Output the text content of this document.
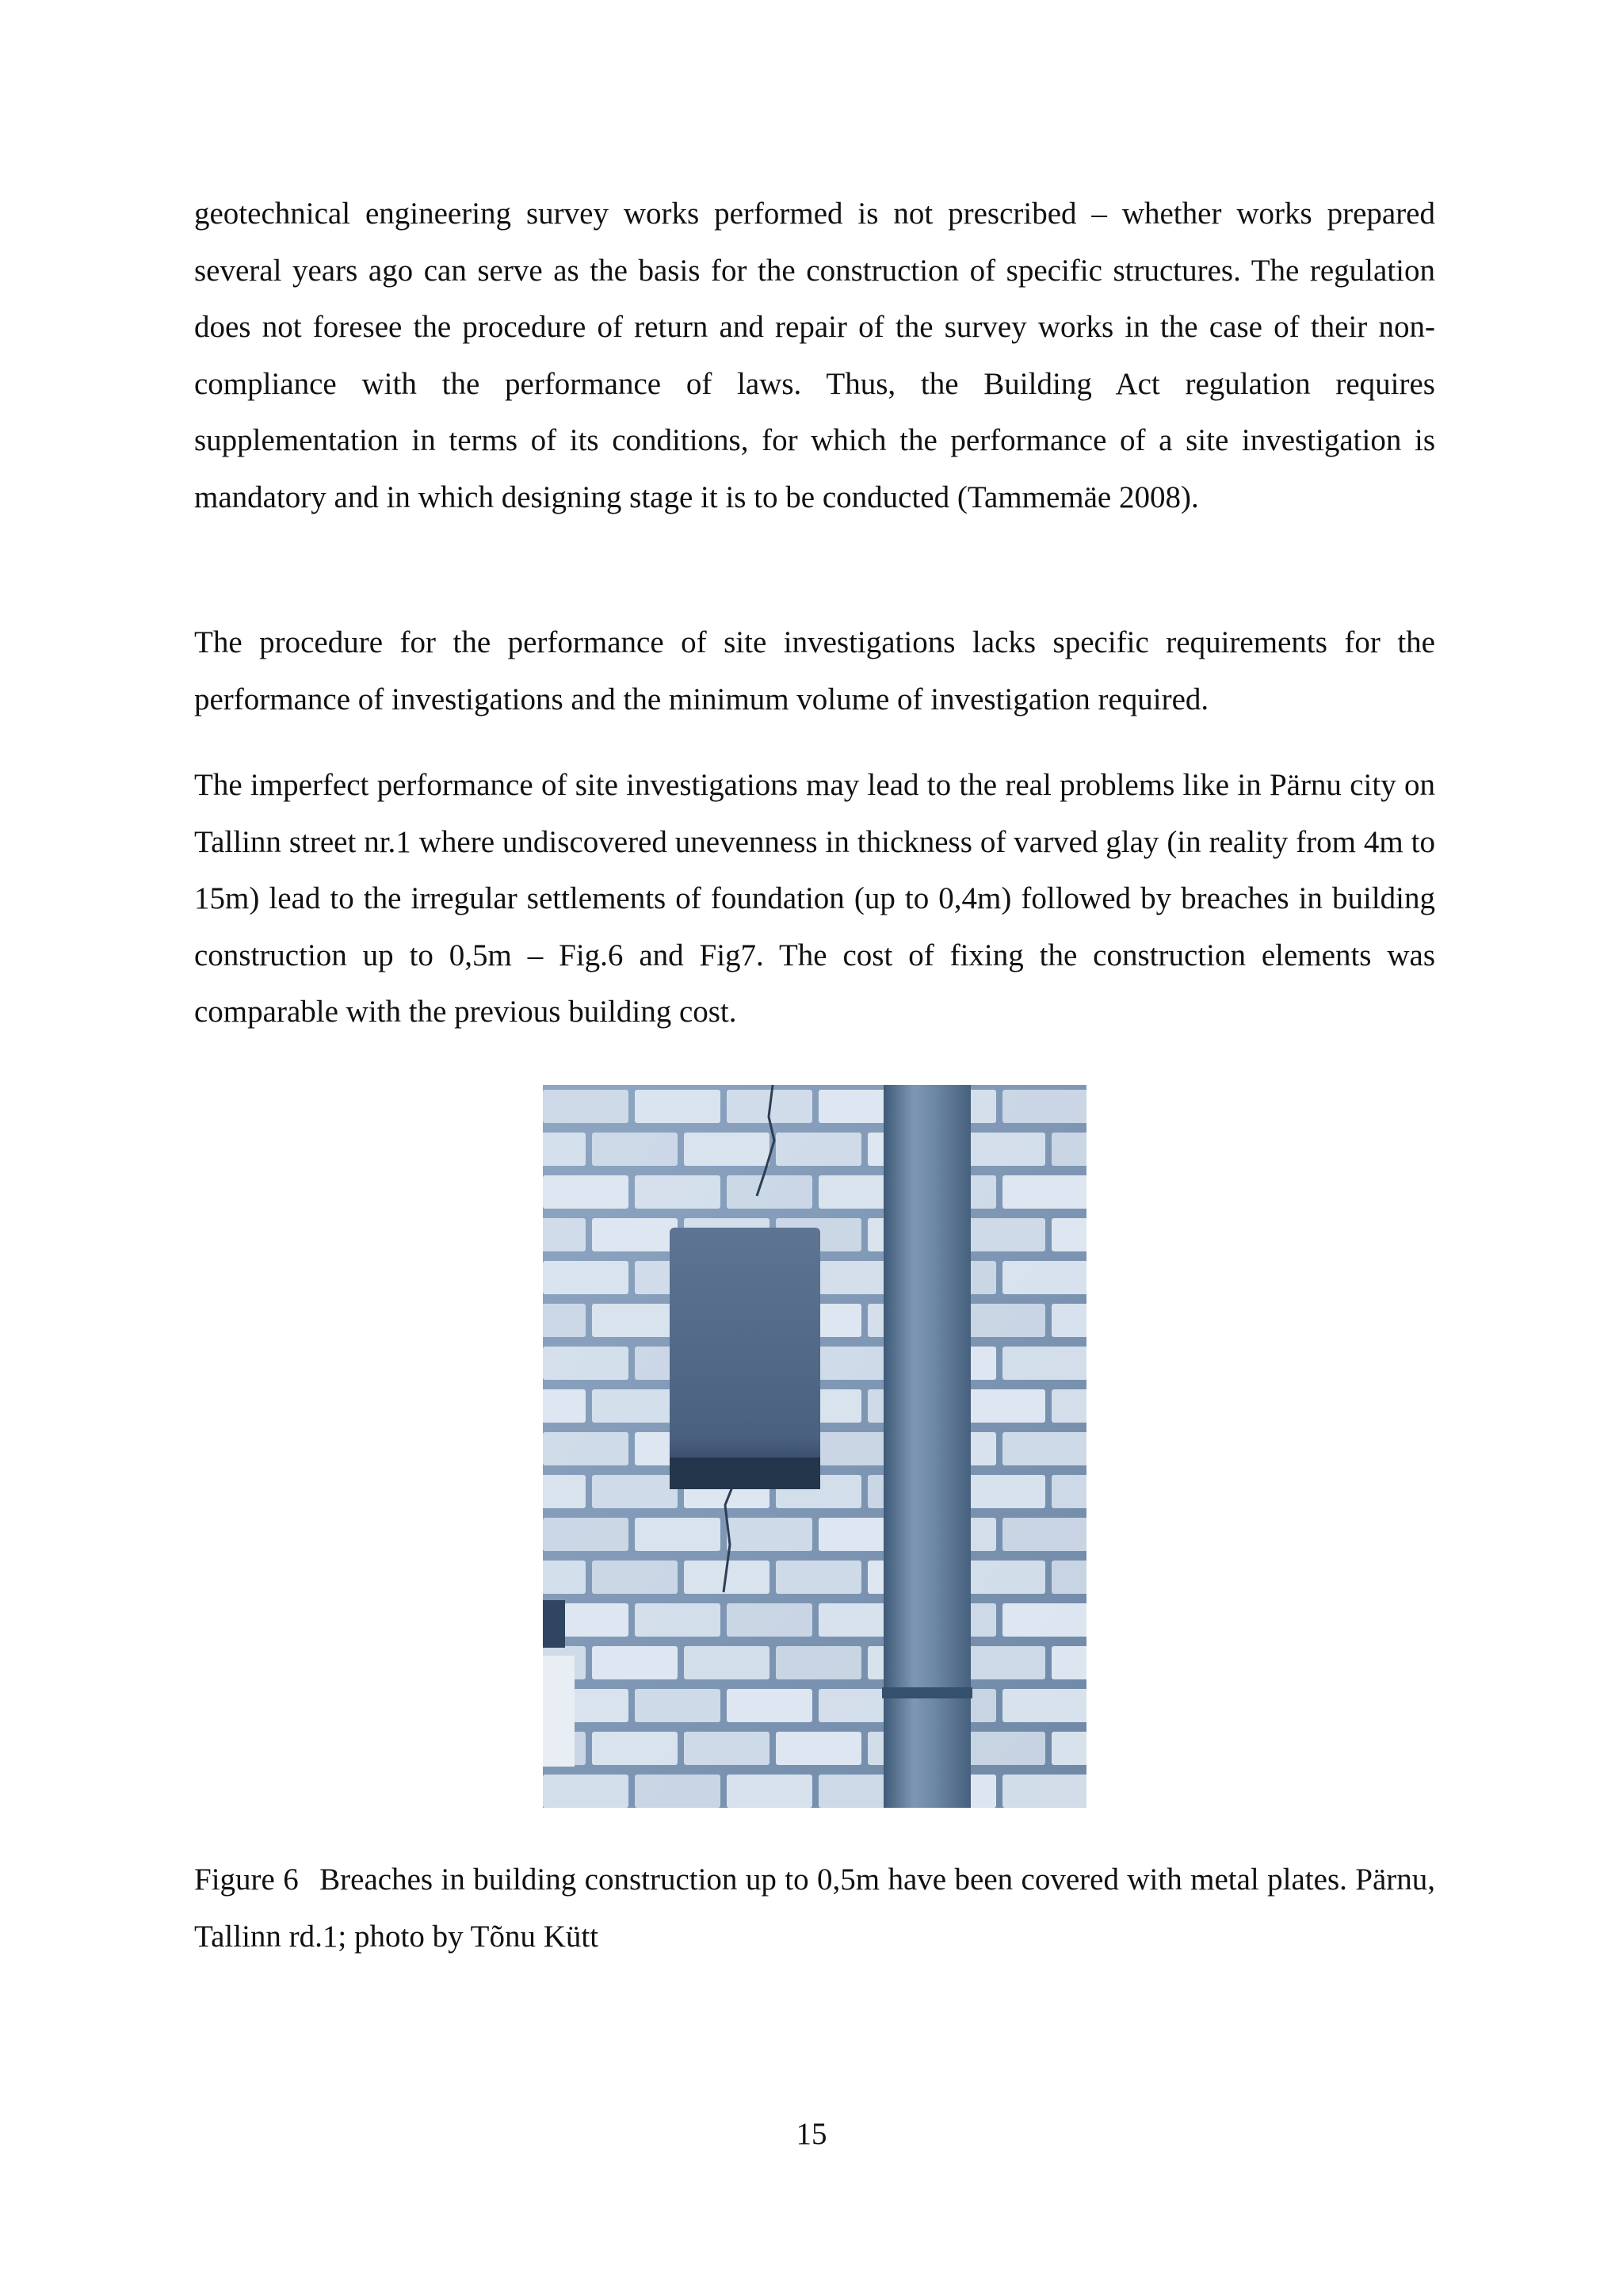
geotechnical engineering survey works performed is not prescribed – whether works prepared several years ago can serve as the basis for the construction of specific structures. The regulation does not foresee the procedure of return and repair of the survey works in the case of their non-compliance with the performance of laws. Thus, the Building Act regulation requires supplementation in terms of its conditions, for which the performance of a site investigation is mandatory and in which designing stage it is to be conducted (Tammemäe 2008).

The procedure for the performance of site investigations lacks specific requirements for the performance of investigations and the minimum volume of investigation required.

The imperfect performance of site investigations may lead to the real problems like in Pärnu city on Tallinn street nr.1 where undiscovered unevenness in thickness of varved glay (in reality from 4m to 15m) lead to the irregular settlements of foundation (up to 0,4m) followed by breaches in building construction up to 0,5m – Fig.6 and Fig7. The cost of fixing the construction elements was comparable with the previous building cost.

Figure 6 Breaches in building construction up to 0,5m have been covered with metal plates. Pärnu, Tallinn rd.1; photo by Tõnu Kütt

15
